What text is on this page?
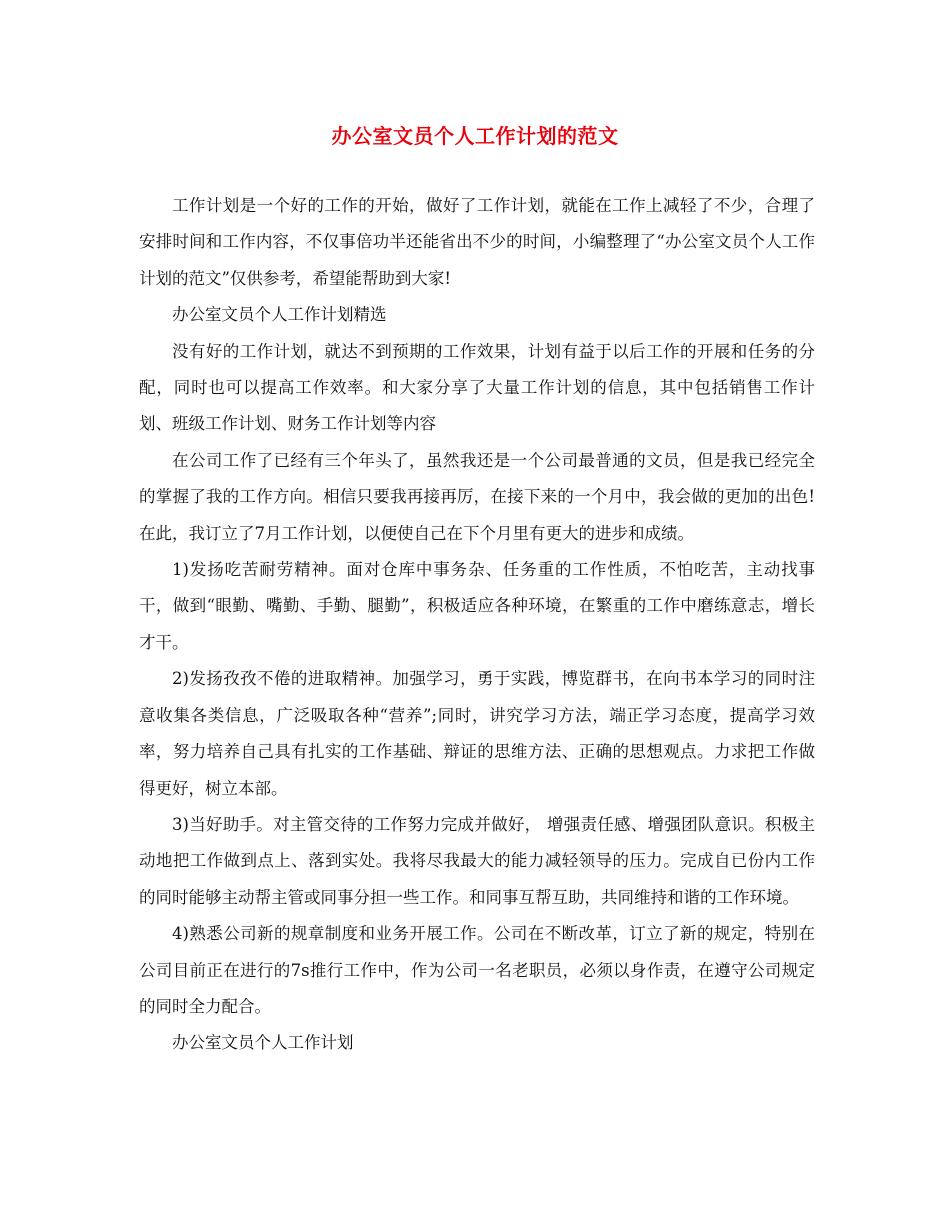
办公室文员个人工作计划的范文

工作计划是一个好的工作的开始，做好了工作计划，就能在工作上减轻了不少，合理了安排时间和工作内容，不仅事倍功半还能省出不少的时间，小编整理了“办公室文员个人工作计划的范文”仅供参考，希望能帮助到大家!

办公室文员个人工作计划精选

没有好的工作计划，就达不到预期的工作效果，计划有益于以后工作的开展和任务的分配，同时也可以提高工作效率。和大家分享了大量工作计划的信息，其中包括销售工作计划、班级工作计划、财务工作计划等内容

在公司工作了已经有三个年头了，虽然我还是一个公司最普通的文员，但是我已经完全的掌握了我的工作方向。相信只要我再接再厉，在接下来的一个月中，我会做的更加的出色!在此，我订立了7月工作计划，以便使自己在下个月里有更大的进步和成绩。

1)发扬吃苦耐劳精神。面对仓库中事务杂、任务重的工作性质，不怕吃苦，主动找事干，做到“眼勤、嘴勤、手勤、腿勤”，积极适应各种环境，在繁重的工作中磨练意志，增长才干。

2)发扬孜孜不倦的进取精神。加强学习，勇于实践，博览群书，在向书本学习的同时注意收集各类信息，广泛吸取各种“营养”;同时，讲究学习方法，端正学习态度，提高学习效率，努力培养自己具有扎实的工作基础、辩证的思维方法、正确的思想观点。力求把工作做得更好，树立本部。

3)当好助手。对主管交待的工作努力完成并做好， 增强责任感、增强团队意识。积极主动地把工作做到点上、落到实处。我将尽我最大的能力减轻领导的压力。完成自已份内工作的同时能够主动帮主管或同事分担一些工作。和同事互帮互助，共同维持和谐的工作环境。

4)熟悉公司新的规章制度和业务开展工作。公司在不断改革，订立了新的规定，特别在公司目前正在进行的7s推行工作中，作为公司一名老职员，必须以身作责，在遵守公司规定的同时全力配合。

办公室文员个人工作计划
